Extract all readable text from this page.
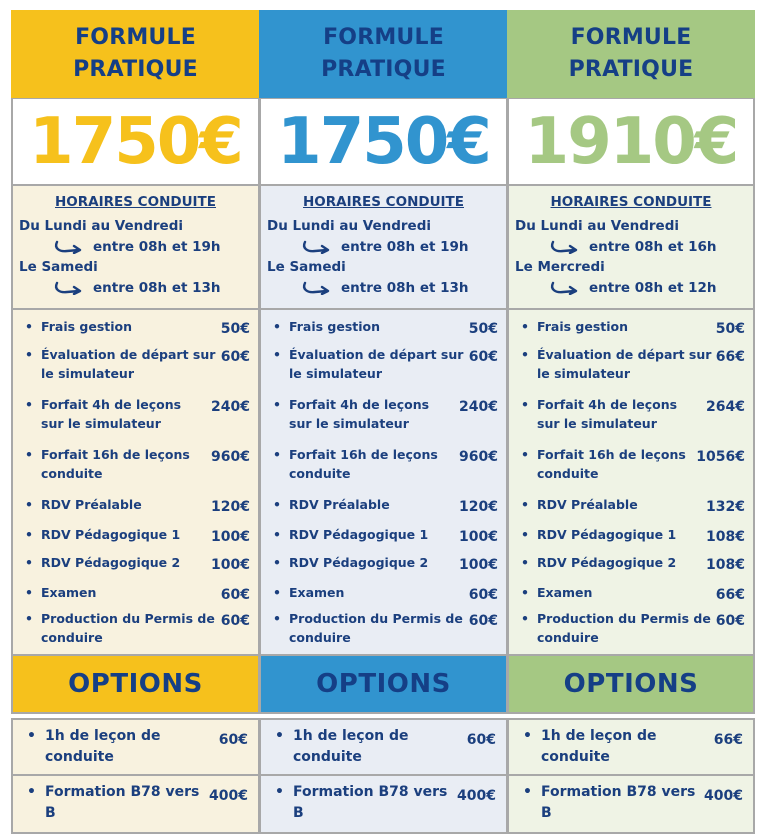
FORMULE
PRATIQUE
1750€
HORAIRES CONDUITE
Du Lundi au Vendredi
entre 08h et 19h
Le Samedi
entre 08h et 13h
• Frais gestion	50€
• Évaluation de départ sur le simulateur
60€
• Forfait 4h de leçons sur le simulateur
240€
• Forfait 16h de leçons conduite
960€
• RDV Préalable	120€
• RDV Pédagogique 1	100€
• RDV Pédagogique 2	100€
• Examen	60€
• Production du Permis de conduire
60€
OPTIONS
• 1h de leçon de conduite
60€
• Formation B78 vers B
400€
FORMULE
PRATIQUE
1750€
HORAIRES CONDUITE
Du Lundi au Vendredi
entre 08h et 19h
Le Samedi
entre 08h et 13h
• Frais gestion	50€
• Évaluation de départ sur le simulateur
60€
• Forfait 4h de leçons sur le simulateur
240€
• Forfait 16h de leçons conduite
960€
• RDV Préalable	120€
• RDV Pédagogique 1	100€
• RDV Pédagogique 2	100€
• Examen	60€
• Production du Permis de conduire
60€
OPTIONS
• 1h de leçon de conduite
60€
• Formation B78 vers B
400€
FORMULE
PRATIQUE
1910€
HORAIRES CONDUITE
Du Lundi au Vendredi
entre 08h et 16h
Le Mercredi
entre 08h et 12h
• Frais gestion	50€
• Évaluation de départ sur le simulateur
66€
• Forfait 4h de leçons sur le simulateur
264€
• Forfait 16h de leçons conduite
1056€
• RDV Préalable	132€
• RDV Pédagogique 1	108€
• RDV Pédagogique 2	108€
• Examen	66€
• Production du Permis de conduire
60€
OPTIONS
• 1h de leçon de conduite
66€
• Formation B78 vers B
400€
